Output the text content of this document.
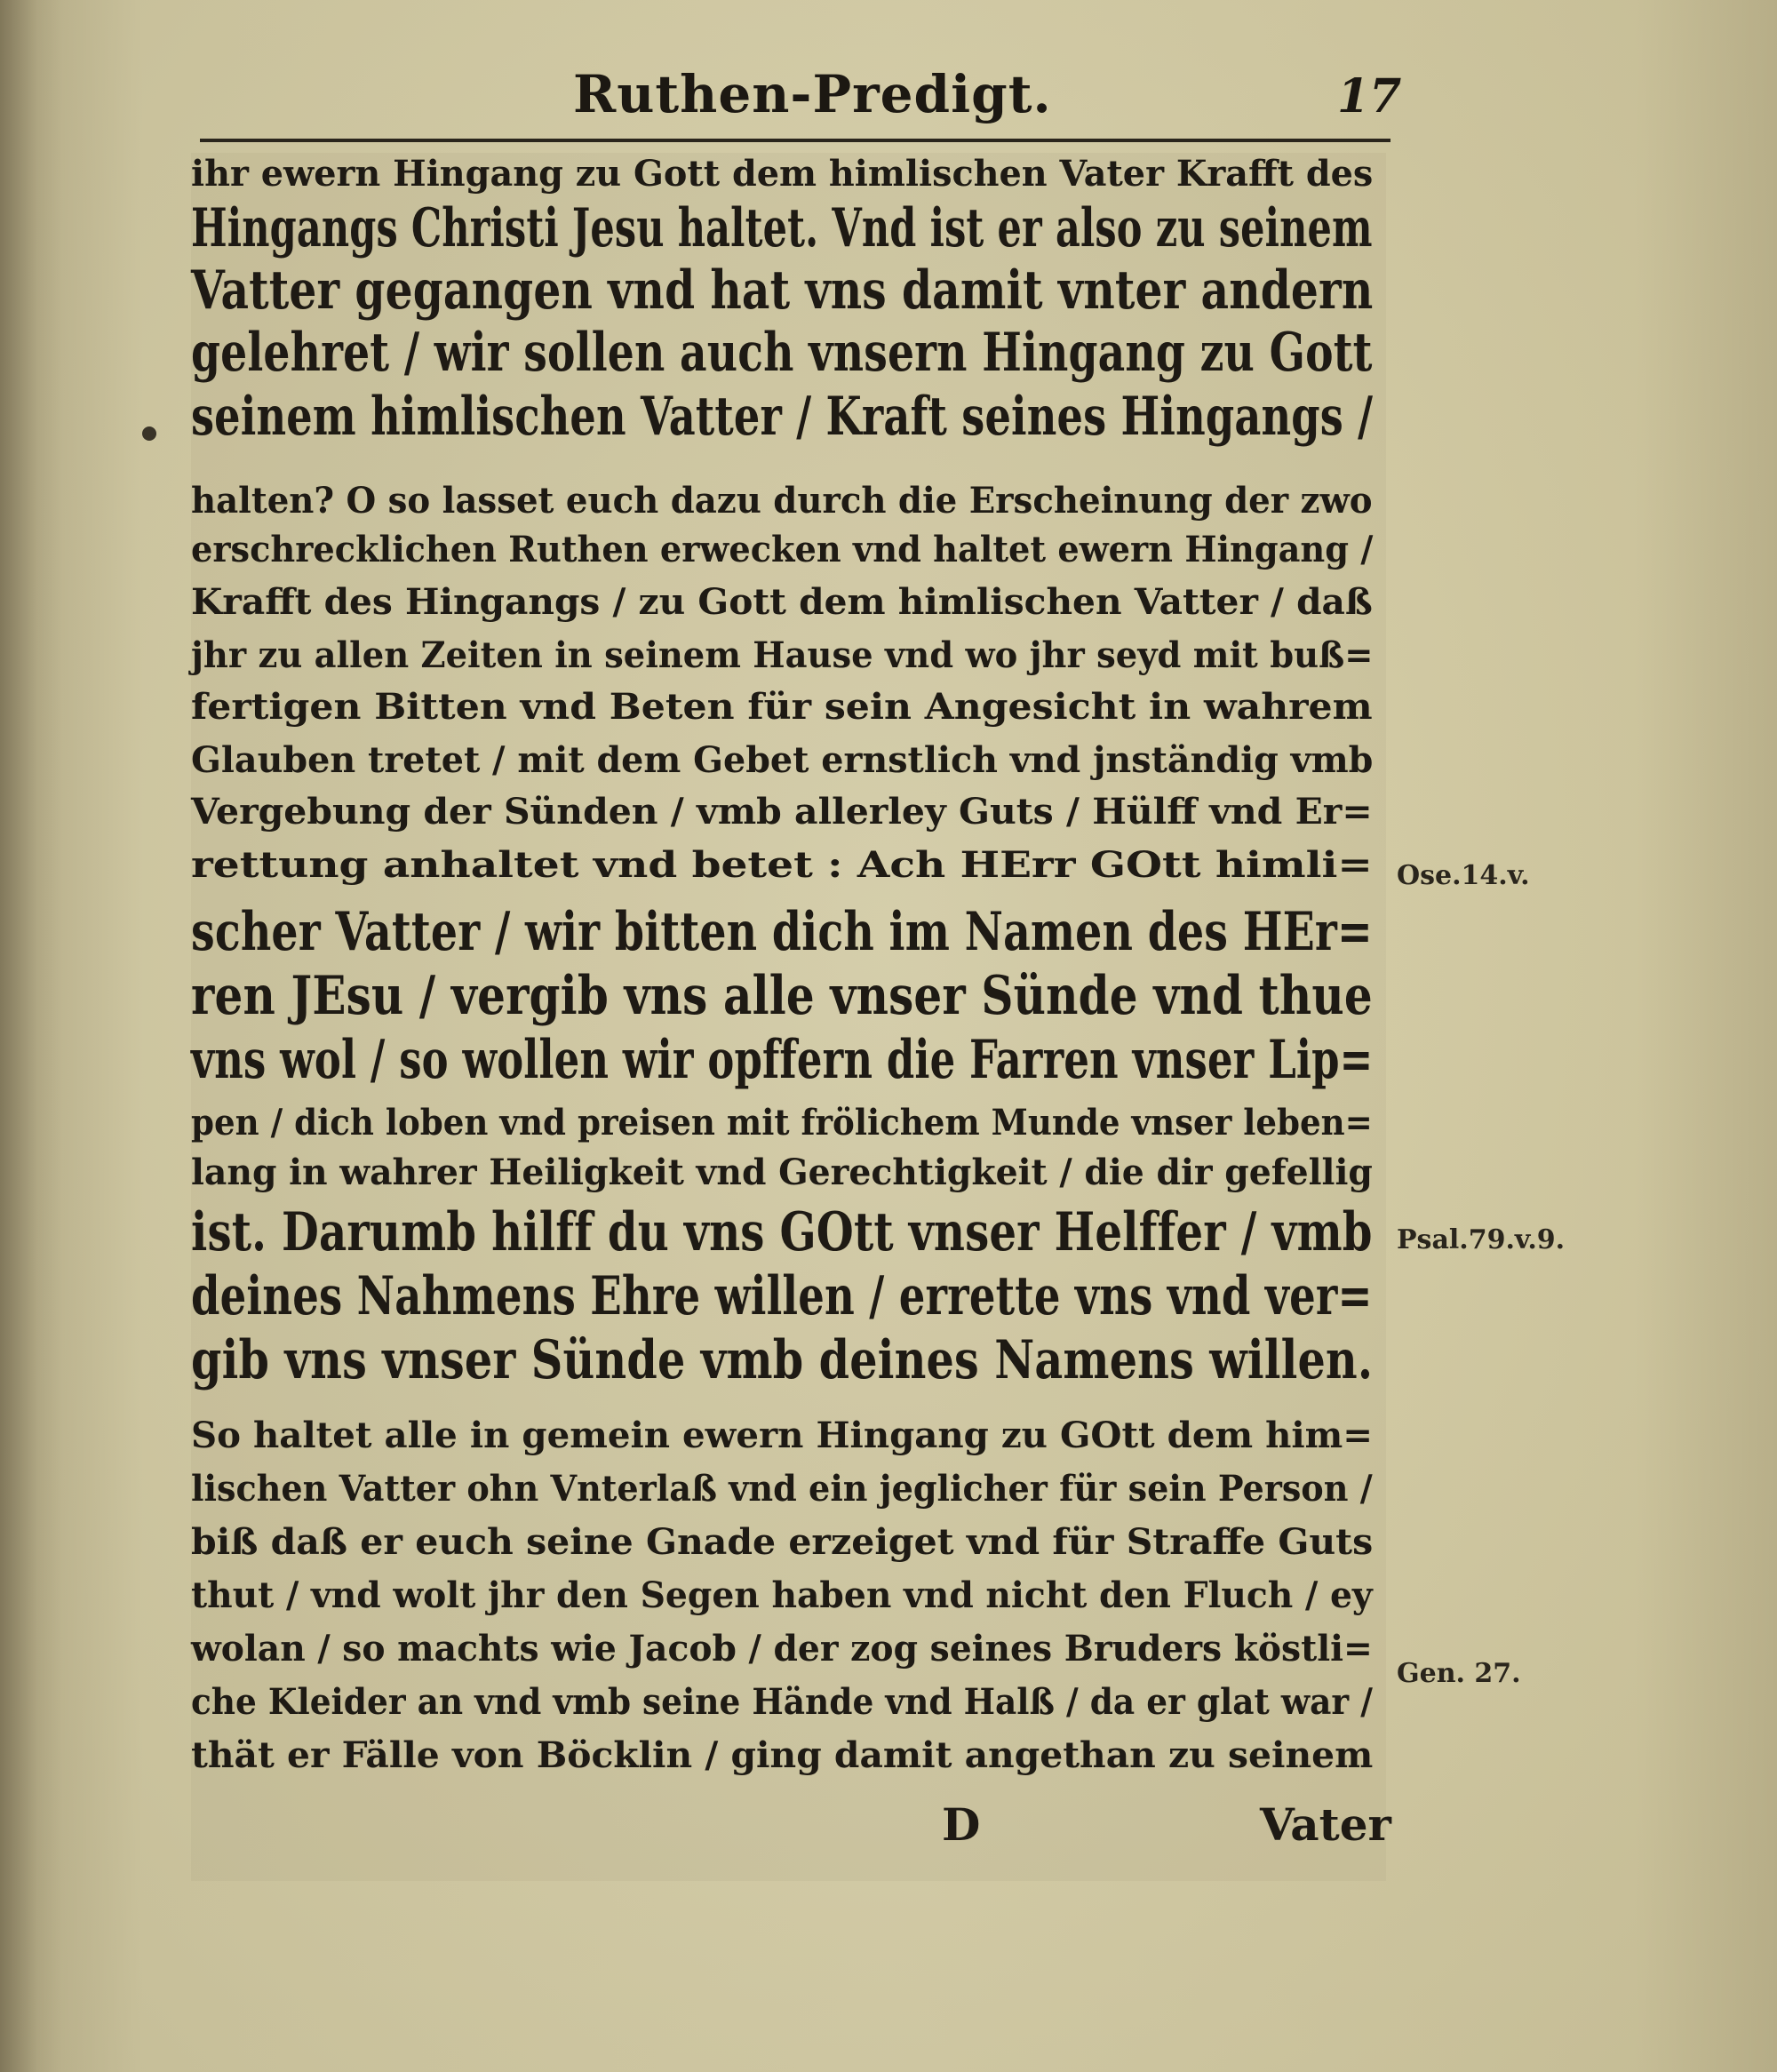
Ruthen-Predigt.	17
ihr ewern Hingang zu Gott dem himlischen Vater Krafft des
Hingangs Christi Jesu haltet. Vnd ist er also zu seinem
Vatter gegangen vnd hat vns damit vnter andern
gelehret / wir sollen auch vnsern Hingang zu Gott
seinem himlischen Vatter / Kraft seines Hingangs /
halten? O so lasset euch dazu durch die Erscheinung der zwo
erschrecklichen Ruthen erwecken vnd haltet ewern Hingang /
Krafft des Hingangs / zu Gott dem himlischen Vatter / daß
jhr zu allen Zeiten in seinem Hause vnd wo jhr seyd mit buß=
fertigen Bitten vnd Beten für sein Angesicht in wahrem
Glauben tretet / mit dem Gebet ernstlich vnd jnständig vmb
Vergebung der Sünden / vmb allerley Guts / Hülff vnd Er=
rettung anhaltet vnd betet : Ach HErr GOtt himli=
scher Vatter / wir bitten dich im Namen des HEr=
ren JEsu / vergib vns alle vnser Sünde vnd thue
vns wol / so wollen wir opffern die Farren vnser Lip=
pen / dich loben vnd preisen mit frölichem Munde vnser leben=
lang in wahrer Heiligkeit vnd Gerechtigkeit / die dir gefellig
ist. Darumb hilff du vns GOtt vnser Helffer / vmb
deines Nahmens Ehre willen / errette vns vnd ver=
gib vns vnser Sünde vmb deines Namens willen.
So haltet alle in gemein ewern Hingang zu GOtt dem him=
lischen Vatter ohn Vnterlaß vnd ein jeglicher für sein Person /
biß daß er euch seine Gnade erzeiget vnd für Straffe Guts
thut / vnd wolt jhr den Segen haben vnd nicht den Fluch / ey
wolan / so machts wie Jacob / der zog seines Bruders köstli=
che Kleider an vnd vmb seine Hände vnd Halß / da er glat war /
thät er Fälle von Böcklin / ging damit angethan zu seinem
D	Vater
Ose.14.v.
Psal.79.v.9.
Gen. 27.
